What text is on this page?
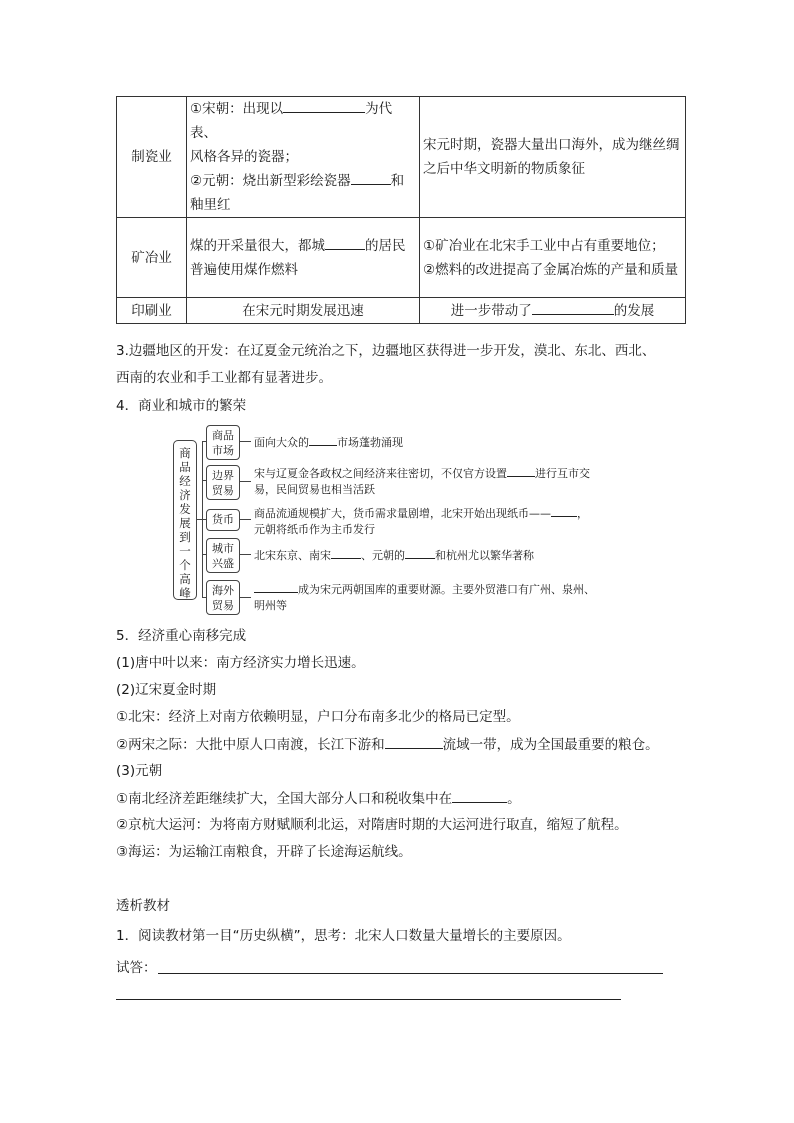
制瓷业	①宋朝：出现以 为代表、
风格各异的瓷器；
②元朝：烧出新型彩绘瓷器 和
釉里红	宋元时期，瓷器大量出口海外，成为继丝绸之后中华文明新的物质象征
矿冶业	煤的开采量很大，都城 的居民普遍使用煤作燃料	①矿冶业在北宋手工业中占有重要地位；
②燃料的改进提高了金属冶炼的产量和质量

印刷业	在宋元时期发展迅速	进一步带动了 的发展
3.边疆地区的开发：在辽夏金元统治之下，边疆地区获得进一步开发，漠北、东北、西北、
西南的农业和手工业都有显著进步。
4．商业和城市的繁荣
商
品
经
济
发
展
到
一
个
高
峰
商品
市场
面向大众的	市场蓬勃涌现
边界
贸易
宋与辽夏金各政权之间经济来往密切，不仅官方设置	进行互市交
易，民间贸易也相当活跃
货币	商品流通规模扩大，货币需求量剧增，北宋开始出现纸币—— ，
元朝将纸币作为主币发行
城市
兴盛
北宋东京、南宋	、元朝的	和杭州尤以繁华著称
海外
贸易
成为宋元两朝国库的重要财源。主要外贸港口有广州、泉州、
明州等
5．经济重心南移完成
(1)唐中叶以来：南方经济实力增长迅速。
(2)辽宋夏金时期
①北宋：经济上对南方依赖明显，户口分布南多北少的格局已定型。
②两宋之际：大批中原人口南渡，长江下游和	流域一带，成为全国最重要的粮仓。
(3)元朝
①南北经济差距继续扩大，全国大部分人口和税收集中在	。
②京杭大运河：为将南方财赋顺利北运，对隋唐时期的大运河进行取直，缩短了航程。
③海运：为运输江南粮食，开辟了长途海运航线。
透析教材
1．阅读教材第一目“历史纵横”，思考：北宋人口数量大量增长的主要原因。
试答：
